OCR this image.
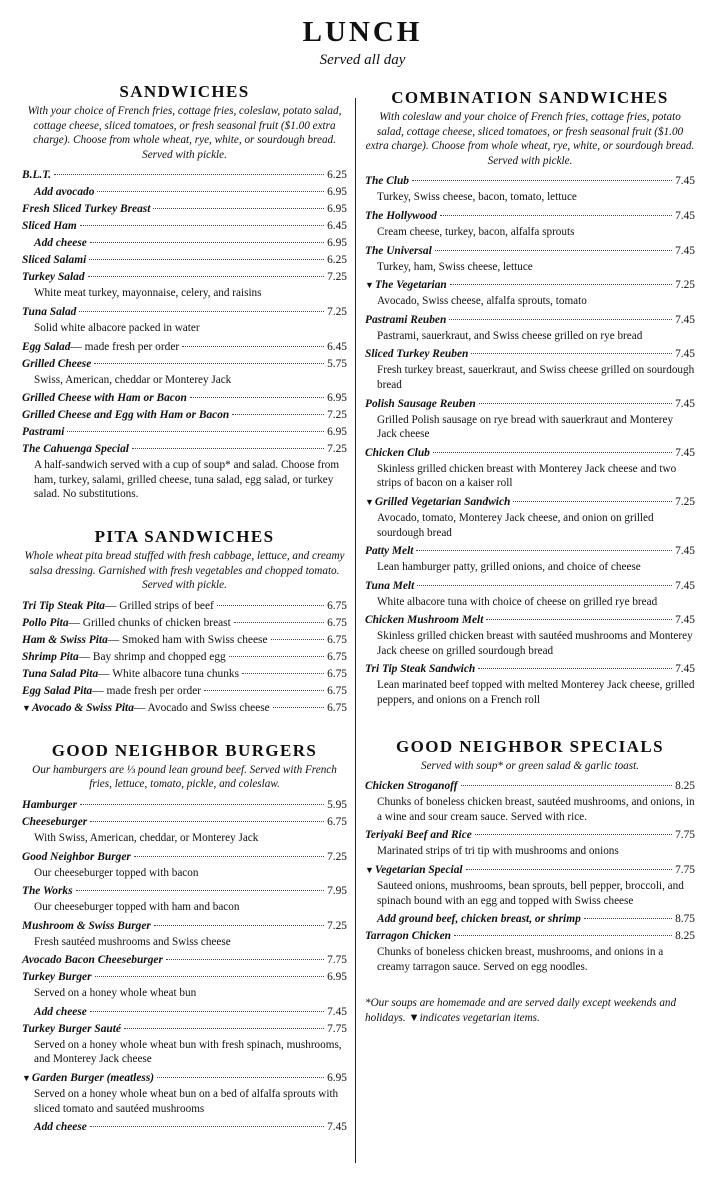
LUNCH
Served all day
SANDWICHES
With your choice of French fries, cottage fries, coleslaw, potato salad, cottage cheese, sliced tomatoes, or fresh seasonal fruit ($1.00 extra charge). Choose from whole wheat, rye, white, or sourdough bread. Served with pickle.
B.L.T.	6.25
Add avocado	6.95
Fresh Sliced Turkey Breast	6.95
Sliced Ham	6.45
Add cheese	6.95
Sliced Salami	6.25
Turkey Salad	7.25
White meat turkey, mayonnaise, celery, and raisins
Tuna Salad	7.25
Solid white albacore packed in water
Egg Salad — made fresh per order	6.45
Grilled Cheese	5.75
Swiss, American, cheddar or Monterey Jack
Grilled Cheese with Ham or Bacon	6.95
Grilled Cheese and Egg with Ham or Bacon	7.25
Pastrami	6.95
The Cahuenga Special	7.25
A half-sandwich served with a cup of soup* and salad. Choose from ham, turkey, salami, grilled cheese, tuna salad, egg salad, or turkey salad. No substitutions.
PITA SANDWICHES
Whole wheat pita bread stuffed with fresh cabbage, lettuce, and creamy salsa dressing. Garnished with fresh vegetables and chopped tomato. Served with pickle.
Tri Tip Steak Pita — Grilled strips of beef	6.75
Pollo Pita — Grilled chunks of chicken breast	6.75
Ham & Swiss Pita — Smoked ham with Swiss cheese	6.75
Shrimp Pita — Bay shrimp and chopped egg	6.75
Tuna Salad Pita — White albacore tuna chunks	6.75
Egg Salad Pita — made fresh per order	6.75
▼ Avocado & Swiss Pita — Avocado and Swiss cheese	6.75
GOOD NEIGHBOR BURGERS
Our hamburgers are ⅓ pound lean ground beef. Served with French fries, lettuce, tomato, pickle, and coleslaw.
Hamburger	5.95
Cheeseburger	6.75
With Swiss, American, cheddar, or Monterey Jack
Good Neighbor Burger	7.25
Our cheeseburger topped with bacon
The Works	7.95
Our cheeseburger topped with ham and bacon
Mushroom & Swiss Burger	7.25
Fresh sautéed mushrooms and Swiss cheese
Avocado Bacon Cheeseburger	7.75
Turkey Burger	6.95
Served on a honey whole wheat bun
Add cheese	7.45
Turkey Burger Sauté	7.75
Served on a honey whole wheat bun with fresh spinach, mushrooms, and Monterey Jack cheese
▼ Garden Burger (meatless)	6.95
Served on a honey whole wheat bun on a bed of alfalfa sprouts with sliced tomato and sautéed mushrooms
Add cheese	7.45
COMBINATION SANDWICHES
With coleslaw and your choice of French fries, cottage fries, potato salad, cottage cheese, sliced tomatoes, or fresh seasonal fruit ($1.00 extra charge). Choose from whole wheat, rye, white, or sourdough bread. Served with pickle.
The Club	7.45
Turkey, Swiss cheese, bacon, tomato, lettuce
The Hollywood	7.45
Cream cheese, turkey, bacon, alfalfa sprouts
The Universal	7.45
Turkey, ham, Swiss cheese, lettuce
▼ The Vegetarian	7.25
Avocado, Swiss cheese, alfalfa sprouts, tomato
Pastrami Reuben	7.45
Pastrami, sauerkraut, and Swiss cheese grilled on rye bread
Sliced Turkey Reuben	7.45
Fresh turkey breast, sauerkraut, and Swiss cheese grilled on sourdough bread
Polish Sausage Reuben	7.45
Grilled Polish sausage on rye bread with sauerkraut and Monterey Jack cheese
Chicken Club	7.45
Skinless grilled chicken breast with Monterey Jack cheese and two strips of bacon on a kaiser roll
▼ Grilled Vegetarian Sandwich	7.25
Avocado, tomato, Monterey Jack cheese, and onion on grilled sourdough bread
Patty Melt	7.45
Lean hamburger patty, grilled onions, and choice of cheese
Tuna Melt	7.45
White albacore tuna with choice of cheese on grilled rye bread
Chicken Mushroom Melt	7.45
Skinless grilled chicken breast with sautéed mushrooms and Monterey Jack cheese on grilled sourdough bread
Tri Tip Steak Sandwich	7.45
Lean marinated beef topped with melted Monterey Jack cheese, grilled peppers, and onions on a French roll
GOOD NEIGHBOR SPECIALS
Served with soup* or green salad & garlic toast.
Chicken Stroganoff	8.25
Chunks of boneless chicken breast, sautéed mushrooms, and onions, in a wine and sour cream sauce. Served with rice.
Teriyaki Beef and Rice	7.75
Marinated strips of tri tip with mushrooms and onions
▼ Vegetarian Special	7.75
Sauteed onions, mushrooms, bean sprouts, bell pepper, broccoli, and spinach bound with an egg and topped with Swiss cheese
Add ground beef, chicken breast, or shrimp	8.75
Tarragon Chicken	8.25
Chunks of boneless chicken breast, mushrooms, and onions in a creamy tarragon sauce. Served on egg noodles.
*Our soups are homemade and are served daily except weekends and holidays. ▼indicates vegetarian items.
